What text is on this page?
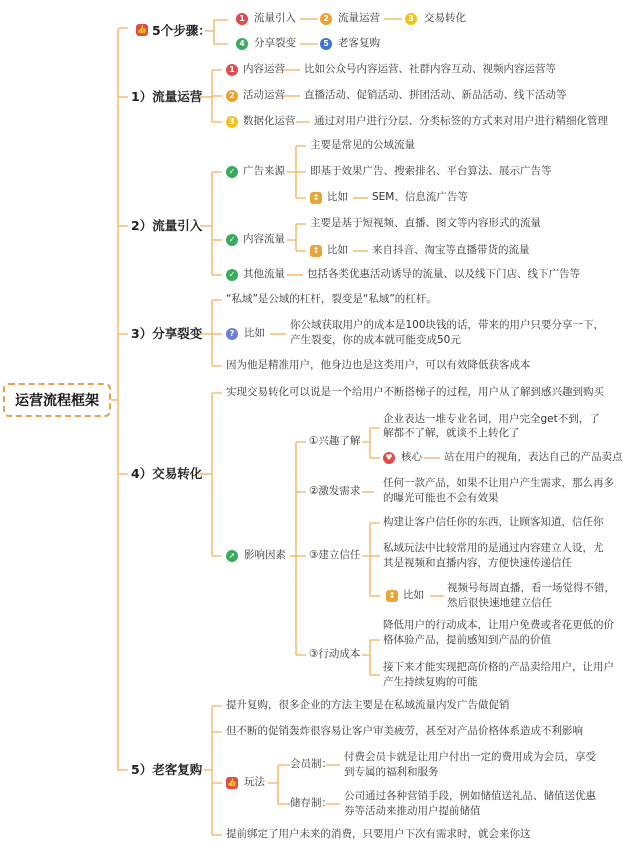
运营流程框架
👍 5个步骤：
1 流量引入	2 流量运营	3 交易转化
4 分享裂变	5 老客复购
1）流量运营
1 内容运营 比如公众号内容运营、社群内容互动、视频内容运营等
2 活动运营 直播活动、促销活动、拼团活动、新品活动、线下活动等
3 数据化运营 通过对用户进行分层、分类标签的方式来对用户进行精细化管理
2）流量引入
✓ 广告来源
主要是常见的公域流量
即基于效果广告、搜索排名、平台算法、展示广告等
↕ 比如 SEM、信息流广告等
✓ 内容流量
主要是基于短视频、直播、图文等内容形式的流量
↕ 比如 来自抖音、淘宝等直播带货的流量
✓ 其他流量 包括各类优惠活动诱导的流量、以及线下门店、线下广告等
3）分享裂变
“私域”是公域的杠杆，裂变是“私域”的杠杆。
? 比如
你公域获取用户的成本是100块钱的话，带来的用户只要分享一下，
产生裂变，你的成本就可能变成50元
因为他是精准用户，他身边也是这类用户，可以有效降低获客成本
4）交易转化
实现交易转化可以说是一个给用户不断搭梯子的过程，用户从了解到感兴趣到购买
➚ 影响因素
①兴趣了解
企业表达一堆专业名词，用户完全get不到，了
解都不了解，就谈不上转化了
♥ 核心 站在用户的视角，表达自己的产品卖点
②激发需求
任何一款产品，如果不让用户产生需求，那么再多
的曝光可能也不会有效果
③建立信任
构建让客户信任你的东西，让顾客知道，信任你
私域玩法中比较常用的是通过内容建立人设，尤
其是视频和直播内容，方便快速传递信任
↕ 比如
视频号每周直播，看一场觉得不错，
然后很快速地建立信任
③行动成本
降低用户的行动成本，让用户免费或者花更低的价
格体验产品，提前感知到产品的价值
接下来才能实现把高价格的产品卖给用户，让用户
产生持续复购的可能
5）老客复购
提升复购，很多企业的方法主要是在私域流量内发广告做促销
但不断的促销轰炸很容易让客户审美疲劳，甚至对产品价格体系造成不利影响
👍 玩法
会员制：
付费会员卡就是让用户付出一定的费用成为会员，享受
到专属的福利和服务
储存制：
公司通过各种营销手段，例如储值送礼品、储值送优惠
券等活动来推动用户提前储值
提前绑定了用户未来的消费，只要用户下次有需求时，就会来你这
